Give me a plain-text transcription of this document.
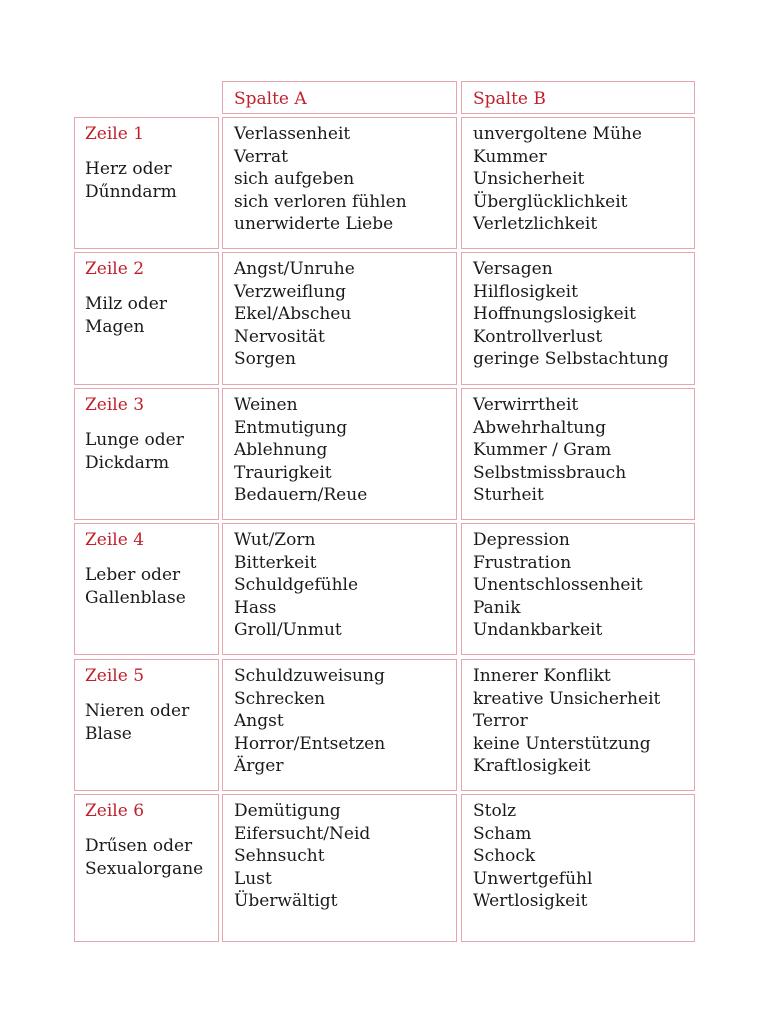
Spalte A	Spalte B
Zeile 1
Herz oder
Dűnndarm
Verlassenheit
Verrat
sich aufgeben
sich verloren fühlen
unerwiderte Liebe
unvergoltene Mühe
Kummer
Unsicherheit
Überglücklichkeit
Verletzlichkeit
Zeile 2
Milz oder
Magen
Angst/Unruhe
Verzweiflung
Ekel/Abscheu
Nervosität
Sorgen
Versagen
Hilflosigkeit
Hoffnungslosigkeit
Kontrollverlust
geringe Selbstachtung
Zeile 3
Lunge oder
Dickdarm
Weinen
Entmutigung
Ablehnung
Traurigkeit
Bedauern/Reue
Verwirrtheit
Abwehrhaltung
Kummer / Gram
Selbstmissbrauch
Sturheit
Zeile 4
Leber oder
Gallenblase
Wut/Zorn
Bitterkeit
Schuldgefühle
Hass
Groll/Unmut
Depression
Frustration
Unentschlossenheit
Panik
Undankbarkeit
Zeile 5
Nieren oder
Blase
Schuldzuweisung
Schrecken
Angst
Horror/Entsetzen
Ärger
Innerer Konflikt
kreative Unsicherheit
Terror
keine Unterstützung
Kraftlosigkeit
Zeile 6
Drűsen oder
Sexualorgane
Demütigung
Eifersucht/Neid
Sehnsucht
Lust
Überwältigt
Stolz
Scham
Schock
Unwertgefühl
Wertlosigkeit
